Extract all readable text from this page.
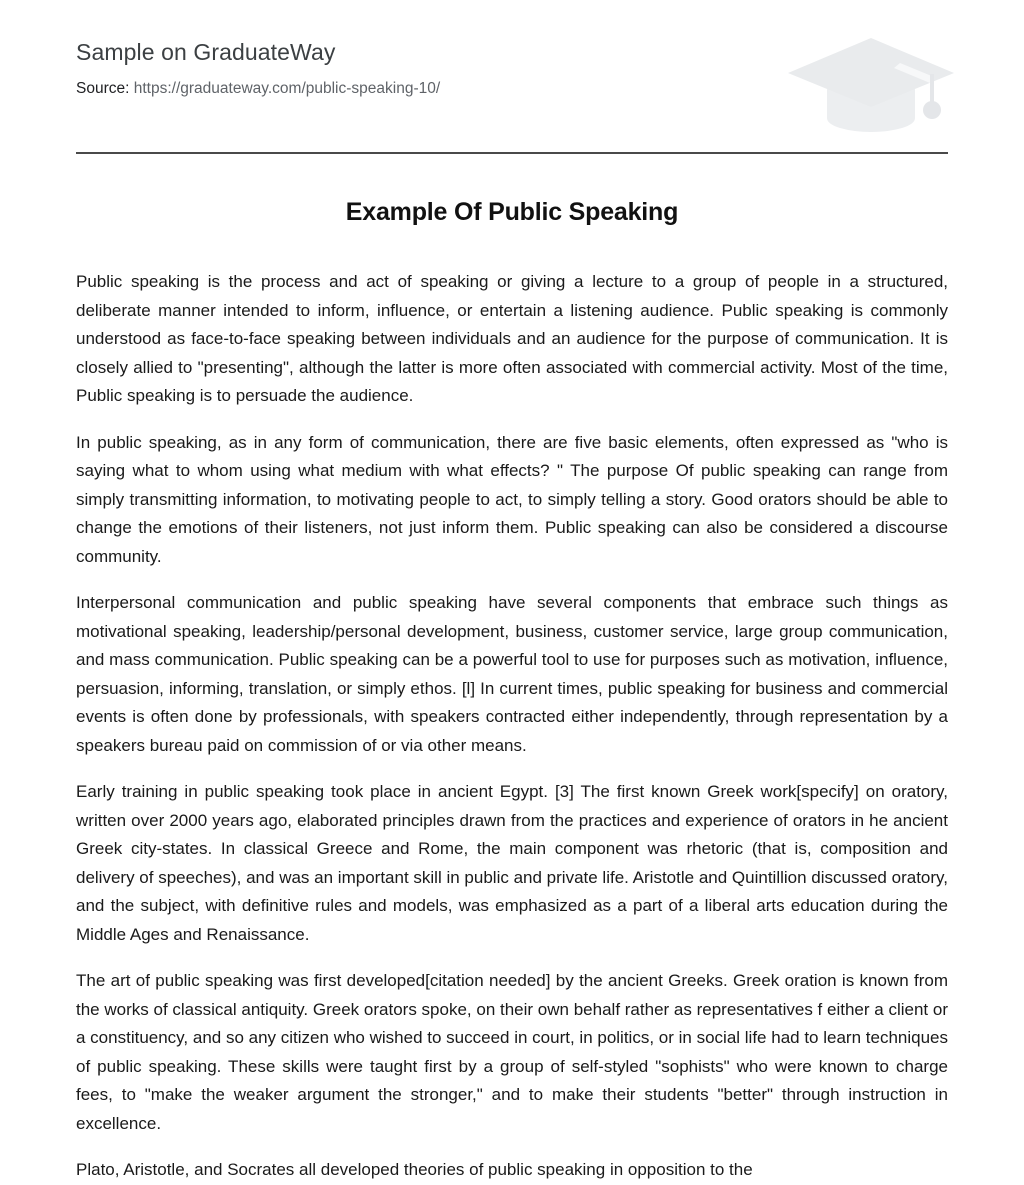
Sample on GraduateWay
Source: https://graduateway.com/public-speaking-10/
Example Of Public Speaking

Public speaking is the process and act of speaking or giving a lecture to a group of people in a structured, deliberate manner intended to inform, influence, or entertain a listening audience. Public speaking is commonly understood as face-to-face speaking between individuals and an audience for the purpose of communication. It is closely allied to "presenting", although the latter is more often associated with commercial activity. Most of the time, Public speaking is to persuade the audience.

In public speaking, as in any form of communication, there are five basic elements, often expressed as "who is saying what to whom using what medium with what effects? " The purpose Of public speaking can range from simply transmitting information, to motivating people to act, to simply telling a story. Good orators should be able to change the emotions of their listeners, not just inform them. Public speaking can also be considered a discourse community.

Interpersonal communication and public speaking have several components that embrace such things as motivational speaking, leadership/personal development, business, customer service, large group communication, and mass communication. Public speaking can be a powerful tool to use for purposes such as motivation, influence, persuasion, informing, translation, or simply ethos. [l] In current times, public speaking for business and commercial events is often done by professionals, with speakers contracted either independently, through representation by a speakers bureau paid on commission of or via other means.

Early training in public speaking took place in ancient Egypt. [3] The first known Greek work[specify] on oratory, written over 2000 years ago, elaborated principles drawn from the practices and experience of orators in he ancient Greek city-states. In classical Greece and Rome, the main component was rhetoric (that is, composition and delivery of speeches), and was an important skill in public and private life. Aristotle and Quintillion discussed oratory, and the subject, with definitive rules and models, was emphasized as a part of a liberal arts education during the Middle Ages and Renaissance.

The art of public speaking was first developed[citation needed] by the ancient Greeks. Greek oration is known from the works of classical antiquity. Greek orators spoke, on their own behalf rather as representatives f either a client or a constituency, and so any citizen who wished to succeed in court, in politics, or in social life had to learn techniques of public speaking. These skills were taught first by a group of self-styled "sophists" who were known to charge fees, to "make the weaker argument the stronger," and to make their students "better" through instruction in excellence.

Plato, Aristotle, and Socrates all developed theories of public speaking in opposition to the
